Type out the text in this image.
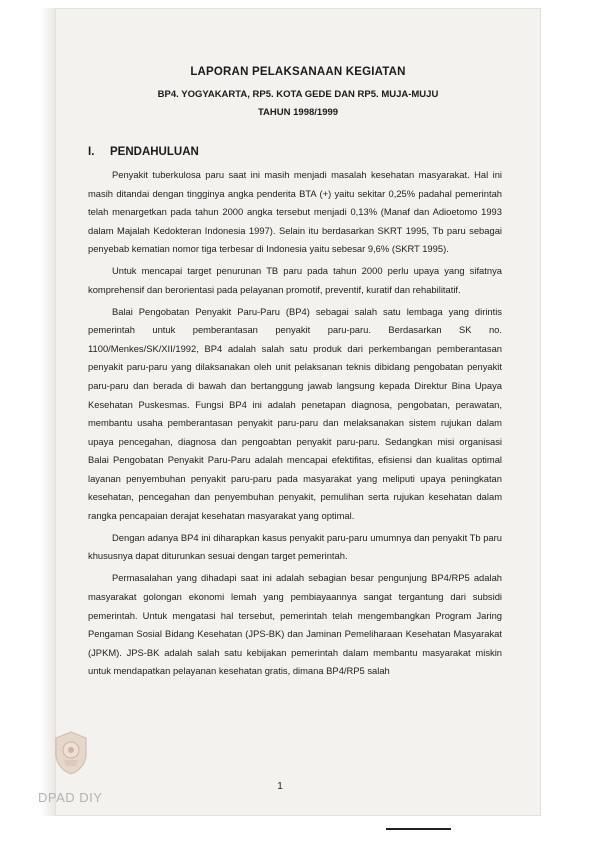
LAPORAN PELAKSANAAN KEGIATAN
BP4. YOGYAKARTA, RP5. KOTA GEDE DAN RP5. MUJA-MUJU
TAHUN 1998/1999
I. PENDAHULUAN

Penyakit tuberkulosa paru saat ini masih menjadi masalah kesehatan masyarakat. Hal ini masih ditandai dengan tingginya angka penderita BTA (+) yaitu sekitar 0,25% padahal pemerintah telah menargetkan pada tahun 2000 angka tersebut menjadi 0,13% (Manaf dan Adioetomo 1993 dalam Majalah Kedokteran Indonesia 1997). Selain itu berdasarkan SKRT 1995, Tb paru sebagai penyebab kematian nomor tiga terbesar di Indonesia yaitu sebesar 9,6% (SKRT 1995).

Untuk mencapai target penurunan TB paru pada tahun 2000 perlu upaya yang sifatnya komprehensif dan berorientasi pada pelayanan promotif, preventif, kuratif dan rehabilitatif.

Balai Pengobatan Penyakit Paru-Paru (BP4) sebagai salah satu lembaga yang dirintis pemerintah untuk pemberantasan penyakit paru-paru. Berdasarkan SK no. 1100/Menkes/SK/XII/1992, BP4 adalah salah satu produk dari perkembangan pemberantasan penyakit paru-paru yang dilaksanakan oleh unit pelaksanan teknis dibidang pengobatan penyakit paru-paru dan berada di bawah dan bertanggung jawab langsung kepada Direktur Bina Upaya Kesehatan Puskesmas. Fungsi BP4 ini adalah penetapan diagnosa, pengobatan, perawatan, membantu usaha pemberantasan penyakit paru-paru dan melaksanakan sistem rujukan dalam upaya pencegahan, diagnosa dan pengoabtan penyakit paru-paru. Sedangkan misi organisasi Balai Pengobatan Penyakit Paru-Paru adalah mencapai efektifitas, efisiensi dan kualitas optimal layanan penyembuhan penyakit paru-paru pada masyarakat yang meliputi upaya peningkatan kesehatan, pencegahan dan penyembuhan penyakit, pemulihan serta rujukan kesehatan dalam rangka pencapaian derajat kesehatan masyarakat yang optimal.

Dengan adanya BP4 ini diharapkan kasus penyakit paru-paru umumnya dan penyakit Tb paru khususnya dapat diturunkan sesuai dengan target pemerintah.

Permasalahan yang dihadapi saat ini adalah sebagian besar pengunjung BP4/RP5 adalah masyarakat golongan ekonomi lemah yang pembiayaannya sangat tergantung dari subsidi pemerintah. Untuk mengatasi hal tersebut, pemerintah telah mengembangkan Program Jaring Pengaman Sosial Bidang Kesehatan (JPS-BK) dan Jaminan Pemeliharaan Kesehatan Masyarakat (JPKM). JPS-BK adalah salah satu kebijakan pemerintah dalam membantu masyarakat miskin untuk mendapatkan pelayanan kesehatan gratis, dimana BP4/RP5 salah

1
DPAD DIY
